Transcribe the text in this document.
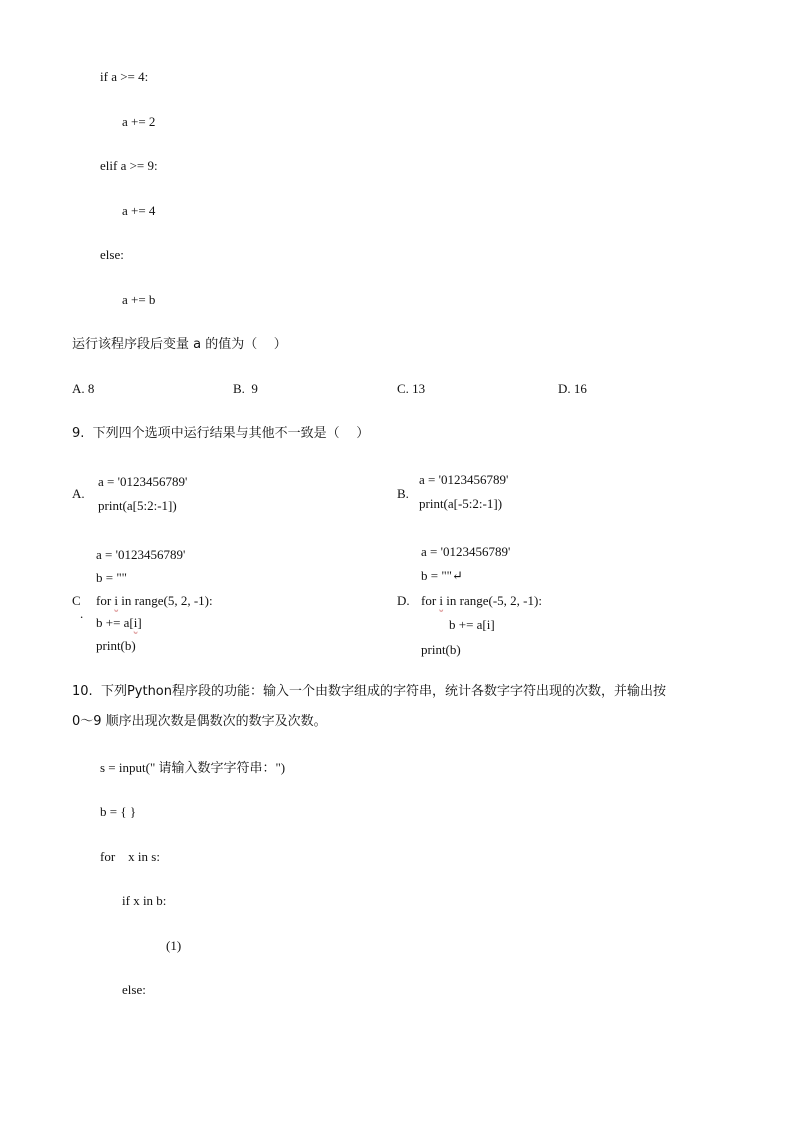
if a >= 4:
a += 2
elif a >= 9:
a += 4
else:
a += b
运行该程序段后变量 a 的值为（    ）
A. 8	B.  9	C. 13	D. 16
9.  下列四个选项中运行结果与其他不一致是（    ）
A.
a = '0123456789'
print(a[5:2:-1])
B.
a = '0123456789'
print(a[-5:2:-1])
a = '0123456789'
b = ""
C
.
for i in range(5, 2, -1):
b += a[i]
print(b)
a = '0123456789'
b = ""↵
D. for i in range(-5, 2, -1):
b += a[i]
print(b)
10.  下列Python程序段的功能：输入一个由数字组成的字符串，统计各数字字符出现的次数，并输出按
0～9 顺序出现次数是偶数次的数字及次数。
s = input(" 请输入数字字符串：")
b = { }
for    x in s:
if x in b:
(1)
else:
